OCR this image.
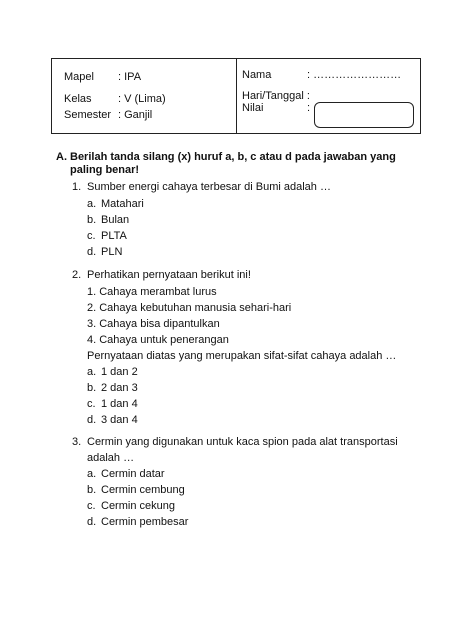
Mapel : IPA
Kelas : V (Lima)
Semester : Ganjil
Nama	: ……………………
Hari/Tanggal :
Nilai	:
A. Berilah tanda silang (x) huruf a, b, c atau d pada jawaban yang paling benar!
1. Sumber energi cahaya terbesar di Bumi adalah …
a. Matahari
b. Bulan
c. PLTA
d. PLN
2. Perhatikan pernyataan berikut ini!
1. Cahaya merambat lurus
2. Cahaya kebutuhan manusia sehari-hari
3. Cahaya bisa dipantulkan
4. Cahaya untuk penerangan
Pernyataan diatas yang merupakan sifat-sifat cahaya adalah …
a. 1 dan 2
b. 2 dan 3
c. 1 dan 4
d. 3 dan 4
3. Cermin yang digunakan untuk kaca spion pada alat transportasi
adalah …
a. Cermin datar
b. Cermin cembung
c. Cermin cekung
d. Cermin pembesar
